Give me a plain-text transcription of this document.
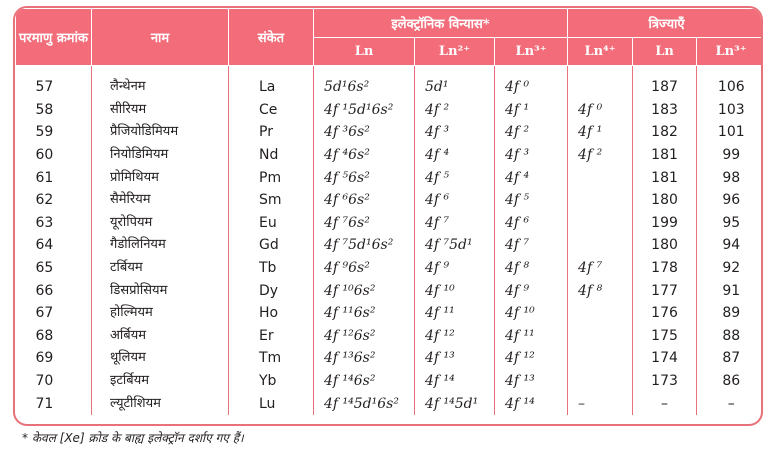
परमाणु क्रमांक	नाम	संकेत	इलेक्ट्रॉनिक विन्यास*			त्रिज्याएँ		
			Ln	Ln²⁺	Ln³⁺	Ln⁴⁺	Ln	Ln³⁺
57	लैन्थेनम	La	5d¹6s²	5d¹	4f ⁰		187	106
58	सीरियम	Ce	4f ¹5d¹6s²	4f ²	4f ¹	4f ⁰	183	103
59	प्रैजियोडिमियम	Pr	4f ³6s²	4f ³	4f ²	4f ¹	182	101
60	नियोडिमियम	Nd	4f ⁴6s²	4f ⁴	4f ³	4f ²	181	99
61	प्रोमिथियम	Pm	4f ⁵6s²	4f ⁵	4f ⁴		181	98
62	सैमेरियम	Sm	4f ⁶6s²	4f ⁶	4f ⁵		180	96
63	यूरोपियम	Eu	4f ⁷6s²	4f ⁷	4f ⁶		199	95
64	गैडोलिनियम	Gd	4f ⁷5d¹6s²	4f ⁷5d¹	4f ⁷		180	94
65	टर्बियम	Tb	4f ⁹6s²	4f ⁹	4f ⁸	4f ⁷	178	92
66	डिसप्रोसियम	Dy	4f ¹⁰6s²	4f ¹⁰	4f ⁹	4f ⁸	177	91
67	होल्मियम	Ho	4f ¹¹6s²	4f ¹¹	4f ¹⁰		176	89
68	अर्बियम	Er	4f ¹²6s²	4f ¹²	4f ¹¹		175	88
69	थूलियम	Tm	4f ¹³6s²	4f ¹³	4f ¹²		174	87
70	इटर्बियम	Yb	4f ¹⁴6s²	4f ¹⁴	4f ¹³		173	86
71	ल्यूटीशियम	Lu	4f ¹⁴5d¹6s²	4f ¹⁴5d¹	4f ¹⁴	–	–	–
* केवल [Xe] क्रोड के बाह्य इलेक्ट्रॉन दर्शाए गए हैं।
